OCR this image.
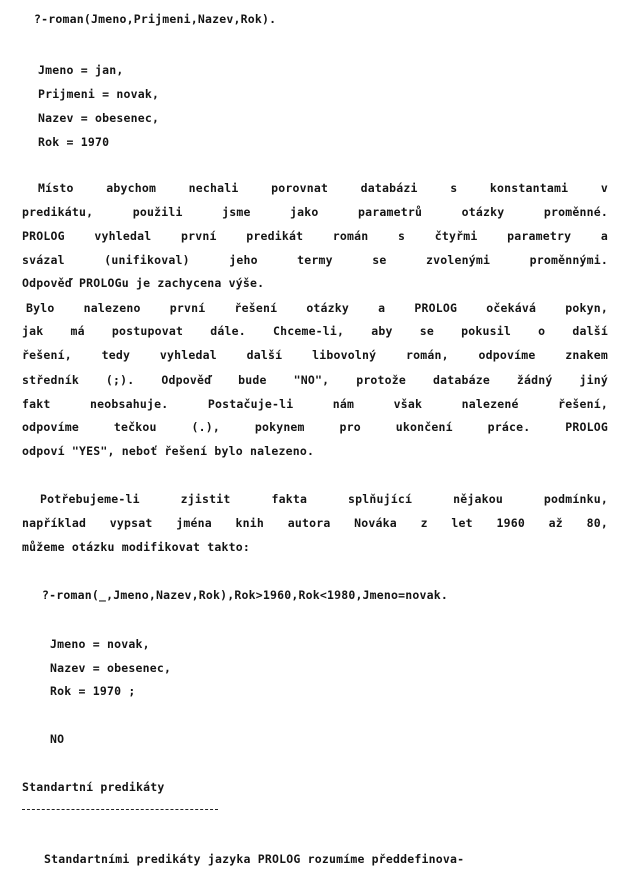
?-roman(Jmeno,Prijmeni,Nazev,Rok).
Jmeno = jan,
Prijmeni = novak,
Nazev = obesenec,
Rok = 1970
Místo abychom nechali porovnat databázi s konstantami v
predikátu, použili jsme jako parametrů otázky proměnné.
PROLOG vyhledal první predikát román s čtyřmi parametry a
svázal (unifikoval) jeho termy se zvolenými proměnnými.
Odpověď PROLOGu je zachycena výše.
Bylo nalezeno první řešení otázky a PROLOG očekává pokyn,
jak má postupovat dále. Chceme-li, aby se pokusil o další
řešení, tedy vyhledal další libovolný román, odpovíme znakem
středník (;). Odpověď bude "NO", protože databáze žádný jiný
fakt neobsahuje. Postačuje-li nám však nalezené řešení,
odpovíme tečkou (.), pokynem pro ukončení práce. PROLOG
odpoví "YES", neboť řešení bylo nalezeno.
Potřebujeme-li zjistit fakta splňující nějakou podmínku,
například vypsat jména knih autora Nováka z let 1960 až 80,
můžeme otázku modifikovat takto:
?-roman(_,Jmeno,Nazev,Rok),Rok>1960,Rok<1980,Jmeno=novak.
Jmeno = novak,
Nazev = obesenec,
Rok = 1970 ;
NO
Standartní predikáty
Standartními predikáty jazyka PROLOG rozumíme předdefinova-
